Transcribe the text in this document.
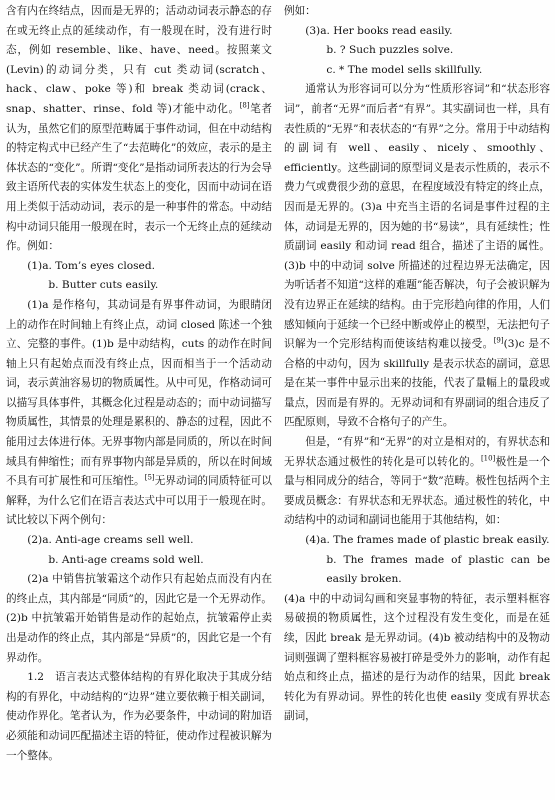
含有内在终结点，因而是无界的；活动动词表示静态的存在或无终止点的延续动作，有一般现在时，没有进行时态，例如 resemble、like、have、need。按照莱文(Levin)的动词分类，只有 cut 类动词(scratch、hack、claw、poke 等)和 break 类动词(crack、snap、shatter、rinse、fold 等)才能中动化。[8]笔者认为，虽然它们的原型范畴属于事件动词，但在中动结构的特定构式中已经产生了“去范畴化”的效应，表示的是主体状态的“变化”。所谓“变化”是指动词所表达的行为会导致主语所代表的实体发生状态上的变化，因而中动词在语用上类似于活动动词，表示的是一种事件的常态。中动结构中动词只能用一般现在时，表示一个无终止点的延续动作。例如：

(1)a. Tom’s eyes closed.

b. Butter cuts easily.

(1)a 是作格句，其动词是有界事件动词，为眼睛闭上的动作在时间轴上有终止点，动词 closed 陈述一个独立、完整的事件。(1)b 是中动结构，cuts 的动作在时间轴上只有起始点而没有终止点，因而相当于一个活动动词，表示黄油容易切的物质属性。从中可见，作格动词可以描写具体事件，其概念化过程是动态的；而中动词描写物质属性，其情景的处理是累积的、静态的过程，因此不能用过去体进行体。无界事物内部是同质的，所以在时间域具有伸缩性；而有界事物内部是异质的，所以在时间域不具有可扩展性和可压缩性。[5]无界动词的同质特征可以解释，为什么它们在语言表达式中可以用于一般现在时。试比较以下两个例句：

(2)a. Anti-age creams sell well.

b. Anti-age creams sold well.

(2)a 中销售抗皱霜这个动作只有起始点而没有内在的终止点，其内部是“同质”的，因此它是一个无界动作。(2)b 中抗皱霜开始销售是动作的起始点，抗皱霜停止卖出是动作的终止点，其内部是“异质”的，因此它是一个有界动作。

1.2　语言表达式整体结构的有界化取决于其成分结构的有界化，中动结构的“边界”建立要依赖于相关副词，使动作界化。笔者认为，作为必要条件，中动词的附加语必须能和动词匹配描述主语的特征，使动作过程被识解为一个整体。

例如：

(3)a. Her books read easily.

b. ? Such puzzles solve.

c. * The model sells skillfully.

通常认为形容词可以分为“性质形容词”和“状态形容词”，前者“无界”而后者“有界”。其实副词也一样，具有表性质的“无界”和表状态的“有界”之分。常用于中动结构的副词有 well、easily、nicely、smoothly、efficiently。这些副词的原型词义是表示性质的，表示不费力气或费很少劲的意思，在程度域没有特定的终止点，因而是无界的。(3)a 中充当主语的名词是事件过程的主体，动词是无界的，因为她的书“易读”，具有延续性；性质副词 easily 和动词 read 组合，描述了主语的属性。(3)b 中的中动词 solve 所描述的过程边界无法确定，因为听话者不知道“这样的难题”能否解决，句子会被识解为没有边界正在延续的结构。由于完形趋向律的作用，人们感知倾向于延续一个已经中断或停止的模型，无法把句子识解为一个完形结构而使该结构难以接受。[9](3)c 是不合格的中动句，因为 skillfully 是表示状态的副词，意思是在某一事件中显示出来的技能，代表了量幅上的量段或量点，因而是有界的。无界动词和有界副词的组合违反了匹配原则，导致不合格句子的产生。

但是，“有界”和“无界”的对立是相对的，有界状态和无界状态通过极性的转化是可以转化的。[10]极性是一个量与相同成分的结合，等同于“数”范畴。极性包括两个主要成员概念：有界状态和无界状态。通过极性的转化，中动结构中的动词和副词也能用于其他结构，如：

(4)a. The frames made of plastic break easily.

b. The frames made of plastic can be easily broken.

(4)a 中的中动词勾画和突显事物的特征，表示塑料框容易破损的物质属性，这个过程没有发生变化，而是在延续，因此 break 是无界动词。(4)b 被动结构中的及物动词则强调了塑料框容易被打碎是受外力的影响，动作有起始点和终止点，描述的是行为动作的结果，因此 break 转化为有界动词。界性的转化也使 easily 变成有界状态副词，
